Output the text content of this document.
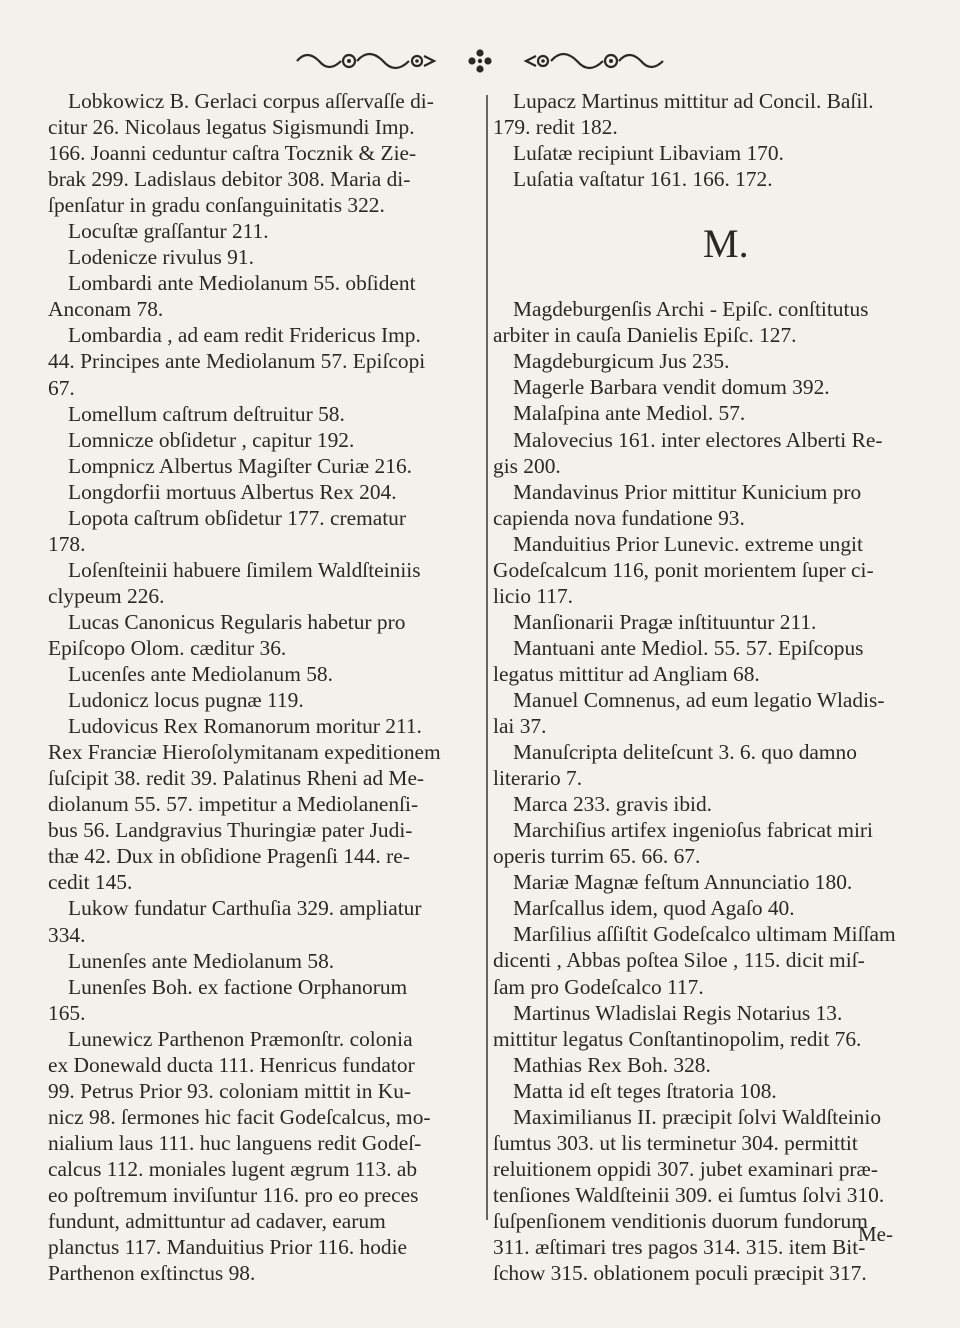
Lobkowicz B. Gerlaci corpus aſſervaſſe di-
citur 26. Nicolaus legatus Sigismundi Imp.
166. Joanni ceduntur caſtra Tocznik & Zie-
brak 299. Ladislaus debitor 308. Maria di-
ſpenſatur in gradu conſanguinitatis 322.
Locuſtæ graſſantur 211.
Lodenicze rivulus 91.
Lombardi ante Mediolanum 55. obſident
Anconam 78.
Lombardia , ad eam redit Fridericus Imp.
44. Principes ante Mediolanum 57. Epiſcopi
67.
Lomellum caſtrum deſtruitur 58.
Lomnicze obſidetur , capitur 192.
Lompnicz Albertus Magiſter Curiæ 216.
Longdorfii mortuus Albertus Rex 204.
Lopota caſtrum obſidetur 177. crematur
178.
Loſenſteinii habuere ſimilem Waldſteiniis
clypeum 226.
Lucas Canonicus Regularis habetur pro
Epiſcopo Olom. cæditur 36.
Lucenſes ante Mediolanum 58.
Ludonicz locus pugnæ 119.
Ludovicus Rex Romanorum moritur 211.
Rex Franciæ Hieroſolymitanam expeditionem
ſuſcipit 38. redit 39. Palatinus Rheni ad Me-
diolanum 55. 57. impetitur a Mediolanenſi-
bus 56. Landgravius Thuringiæ pater Judi-
thæ 42. Dux in obſidione Pragenſi 144. re-
cedit 145.
Lukow fundatur Carthuſia 329. ampliatur
334.
Lunenſes ante Mediolanum 58.
Lunenſes Boh. ex factione Orphanorum
165.
Lunewicz Parthenon Præmonſtr. colonia
ex Donewald ducta 111. Henricus fundator
99. Petrus Prior 93. coloniam mittit in Ku-
nicz 98. ſermones hic facit Godeſcalcus, mo-
nialium laus 111. huc languens redit Godeſ-
calcus 112. moniales lugent ægrum 113. ab
eo poſtremum inviſuntur 116. pro eo preces
fundunt, admittuntur ad cadaver, earum
planctus 117. Manduitius Prior 116. hodie
Parthenon exſtinctus 98.
Lupacz Martinus mittitur ad Concil. Baſil.
179. redit 182.
Luſatæ recipiunt Libaviam 170.
Luſatia vaſtatur 161. 166. 172.
M.
Magdeburgenſis Archi - Epiſc. conſtitutus
arbiter in cauſa Danielis Epiſc. 127.
Magdeburgicum Jus 235.
Magerle Barbara vendit domum 392.
Malaſpina ante Mediol. 57.
Malovecius 161. inter electores Alberti Re-
gis 200.
Mandavinus Prior mittitur Kunicium pro
capienda nova fundatione 93.
Manduitius Prior Lunevic. extreme ungit
Godeſcalcum 116, ponit morientem ſuper ci-
licio 117.
Manſionarii Pragæ inſtituuntur 211.
Mantuani ante Mediol. 55. 57. Epiſcopus
legatus mittitur ad Angliam 68.
Manuel Comnenus, ad eum legatio Wladis-
lai 37.
Manuſcripta deliteſcunt 3. 6. quo damno
literario 7.
Marca 233. gravis ibid.
Marchiſius artifex ingenioſus fabricat miri
operis turrim 65. 66. 67.
Mariæ Magnæ feſtum Annunciatio 180.
Marſcallus idem, quod Agaſo 40.
Marſilius aſſiſtit Godeſcalco ultimam Miſſam
dicenti , Abbas poſtea Siloe , 115. dicit miſ-
ſam pro Godeſcalco 117.
Martinus Wladislai Regis Notarius 13.
mittitur legatus Conſtantinopolim, redit 76.
Mathias Rex Boh. 328.
Matta id eſt teges ſtratoria 108.
Maximilianus II. præcipit ſolvi Waldſteinio
ſumtus 303. ut lis terminetur 304. permittit
reluitionem oppidi 307. jubet examinari præ-
tenſiones Waldſteinii 309. ei ſumtus ſolvi 310.
ſuſpenſionem venditionis duorum fundorum
311. æſtimari tres pagos 314. 315. item Bit-
ſchow 315. oblationem poculi præcipit 317.
Me-
